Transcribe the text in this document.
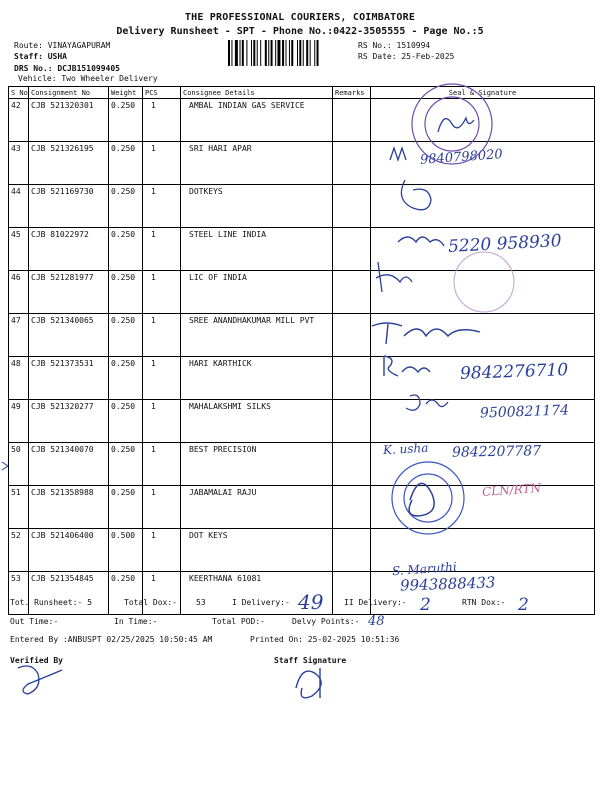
THE PROFESSIONAL COURIERS, COIMBATORE
Delivery Runsheet - SPT - Phone No.:0422-3505555 - Page No.:5
Route: VINAYAGAPURAM
Staff: USHA
DRS No.: DCJB151099405
Vehicle: Two Wheeler Delivery
RS No.: 1510994
RS Date: 25-Feb-2025
S No	Consignment No	Weight	PCS	Consignee Details	Remarks	Seal & Signature
42	CJB 521320301	0.250	1	AMBAL INDIAN GAS SERVICE		
43	CJB 521326195	0.250	1	SRI HARI APAR		
44	CJB 521169730	0.250	1	DOTKEYS		
45	CJB 81022972	0.250	1	STEEL LINE INDIA		
46	CJB 521281977	0.250	1	LIC OF INDIA		
47	CJB 521340065	0.250	1	SREE ANANDHAKUMAR MILL PVT		
48	CJB 521373531	0.250	1	HARI KARTHICK		
49	CJB 521320277	0.250	1	MAHALAKSHMI SILKS		
50	CJB 521340070	0.250	1	BEST PRECISION		
51	CJB 521358988	0.250	1	JABAMALAI RAJU		
52	CJB 521406400	0.500	1	DOT KEYS		
53	CJB 521354845	0.250	1	KEERTHANA 61081		
Tot. Runsheet:- 5	Total Dox:- 53	I Delivery:-	II Delivery:-	RTN Dox:-
Out Time:-	In Time:-	Total POD:-	Delvy Points:-
Entered By :ANBUSPT 02/25/2025 10:50:45 AM	Printed On: 25-02-2025 10:51:36
Verified By	Staff Signature
9840798020
5220 958930
9842276710
9500821174
K. usha 9842207787
CLN/RTN
S. Maruthi
9943888433
49	2	2
48
